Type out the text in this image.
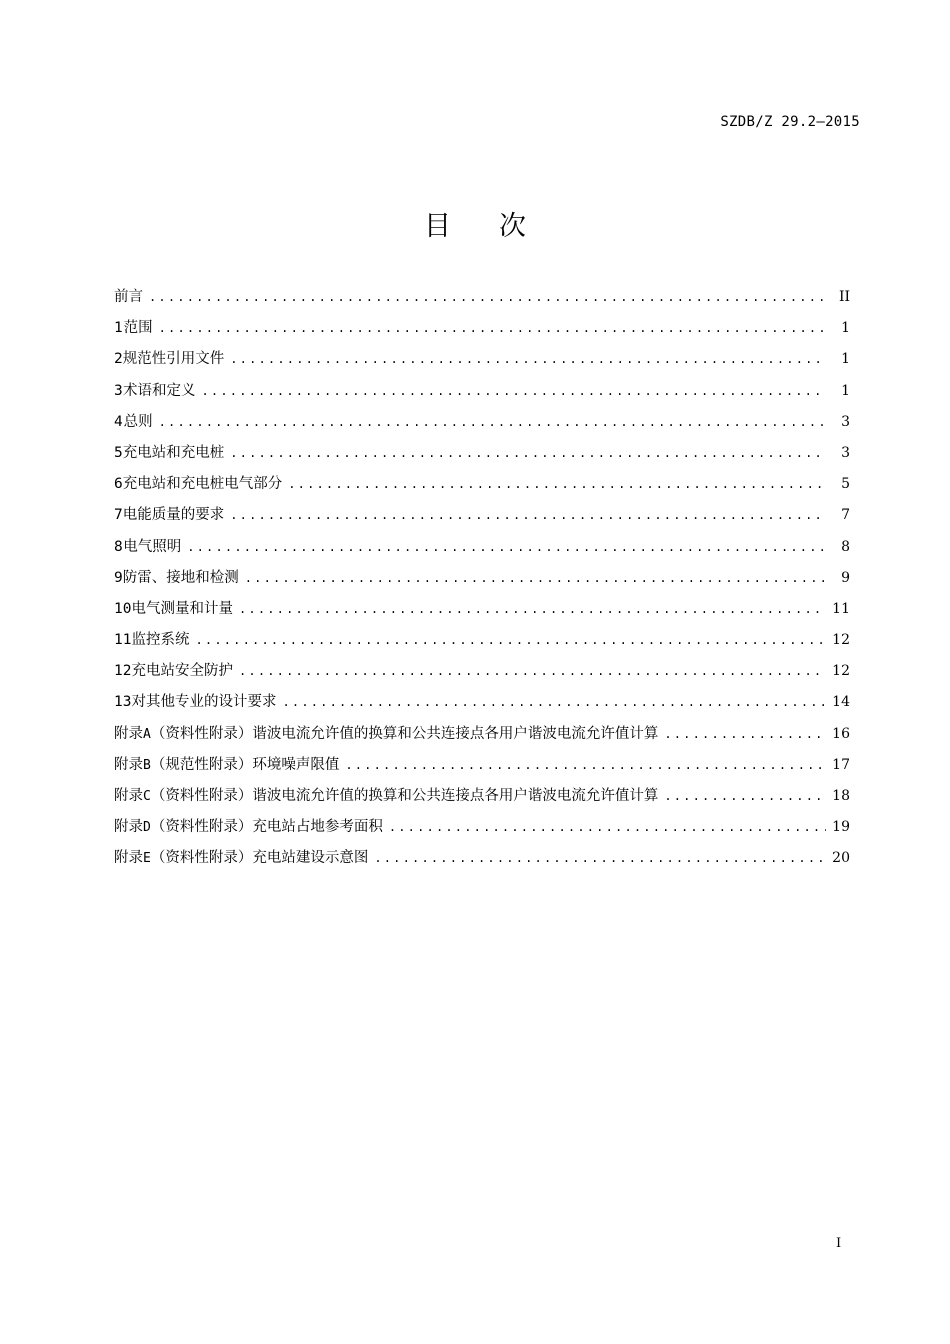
SZDB/Z 29.2—2015
目 次
前言 .....	II
1 范围 .....	1
2 规范性引用文件 .....	1
3 术语和定义 .....	1
4 总则 .....	3
5 充电站和充电桩 .....	3
6 充电站和充电桩电气部分 .....	5
7 电能质量的要求 .....	7
8 电气照明 .....	8
9 防雷、接地和检测 .....	9
10 电气测量和计量 .....	11
11 监控系统 .....	12
12 充电站安全防护 .....	12
13 对其他专业的设计要求 .....	14
附录A（资料性附录） 谐波电流允许值的换算和公共连接点各用户谐波电流允许值计算 .....	16
附录B（规范性附录） 环境噪声限值 .....	17
附录C（资料性附录） 谐波电流允许值的换算和公共连接点各用户谐波电流允许值计算 .....	18
附录D（资料性附录） 充电站占地参考面积 .....	19
附录E（资料性附录） 充电站建设示意图 .....	20
I
